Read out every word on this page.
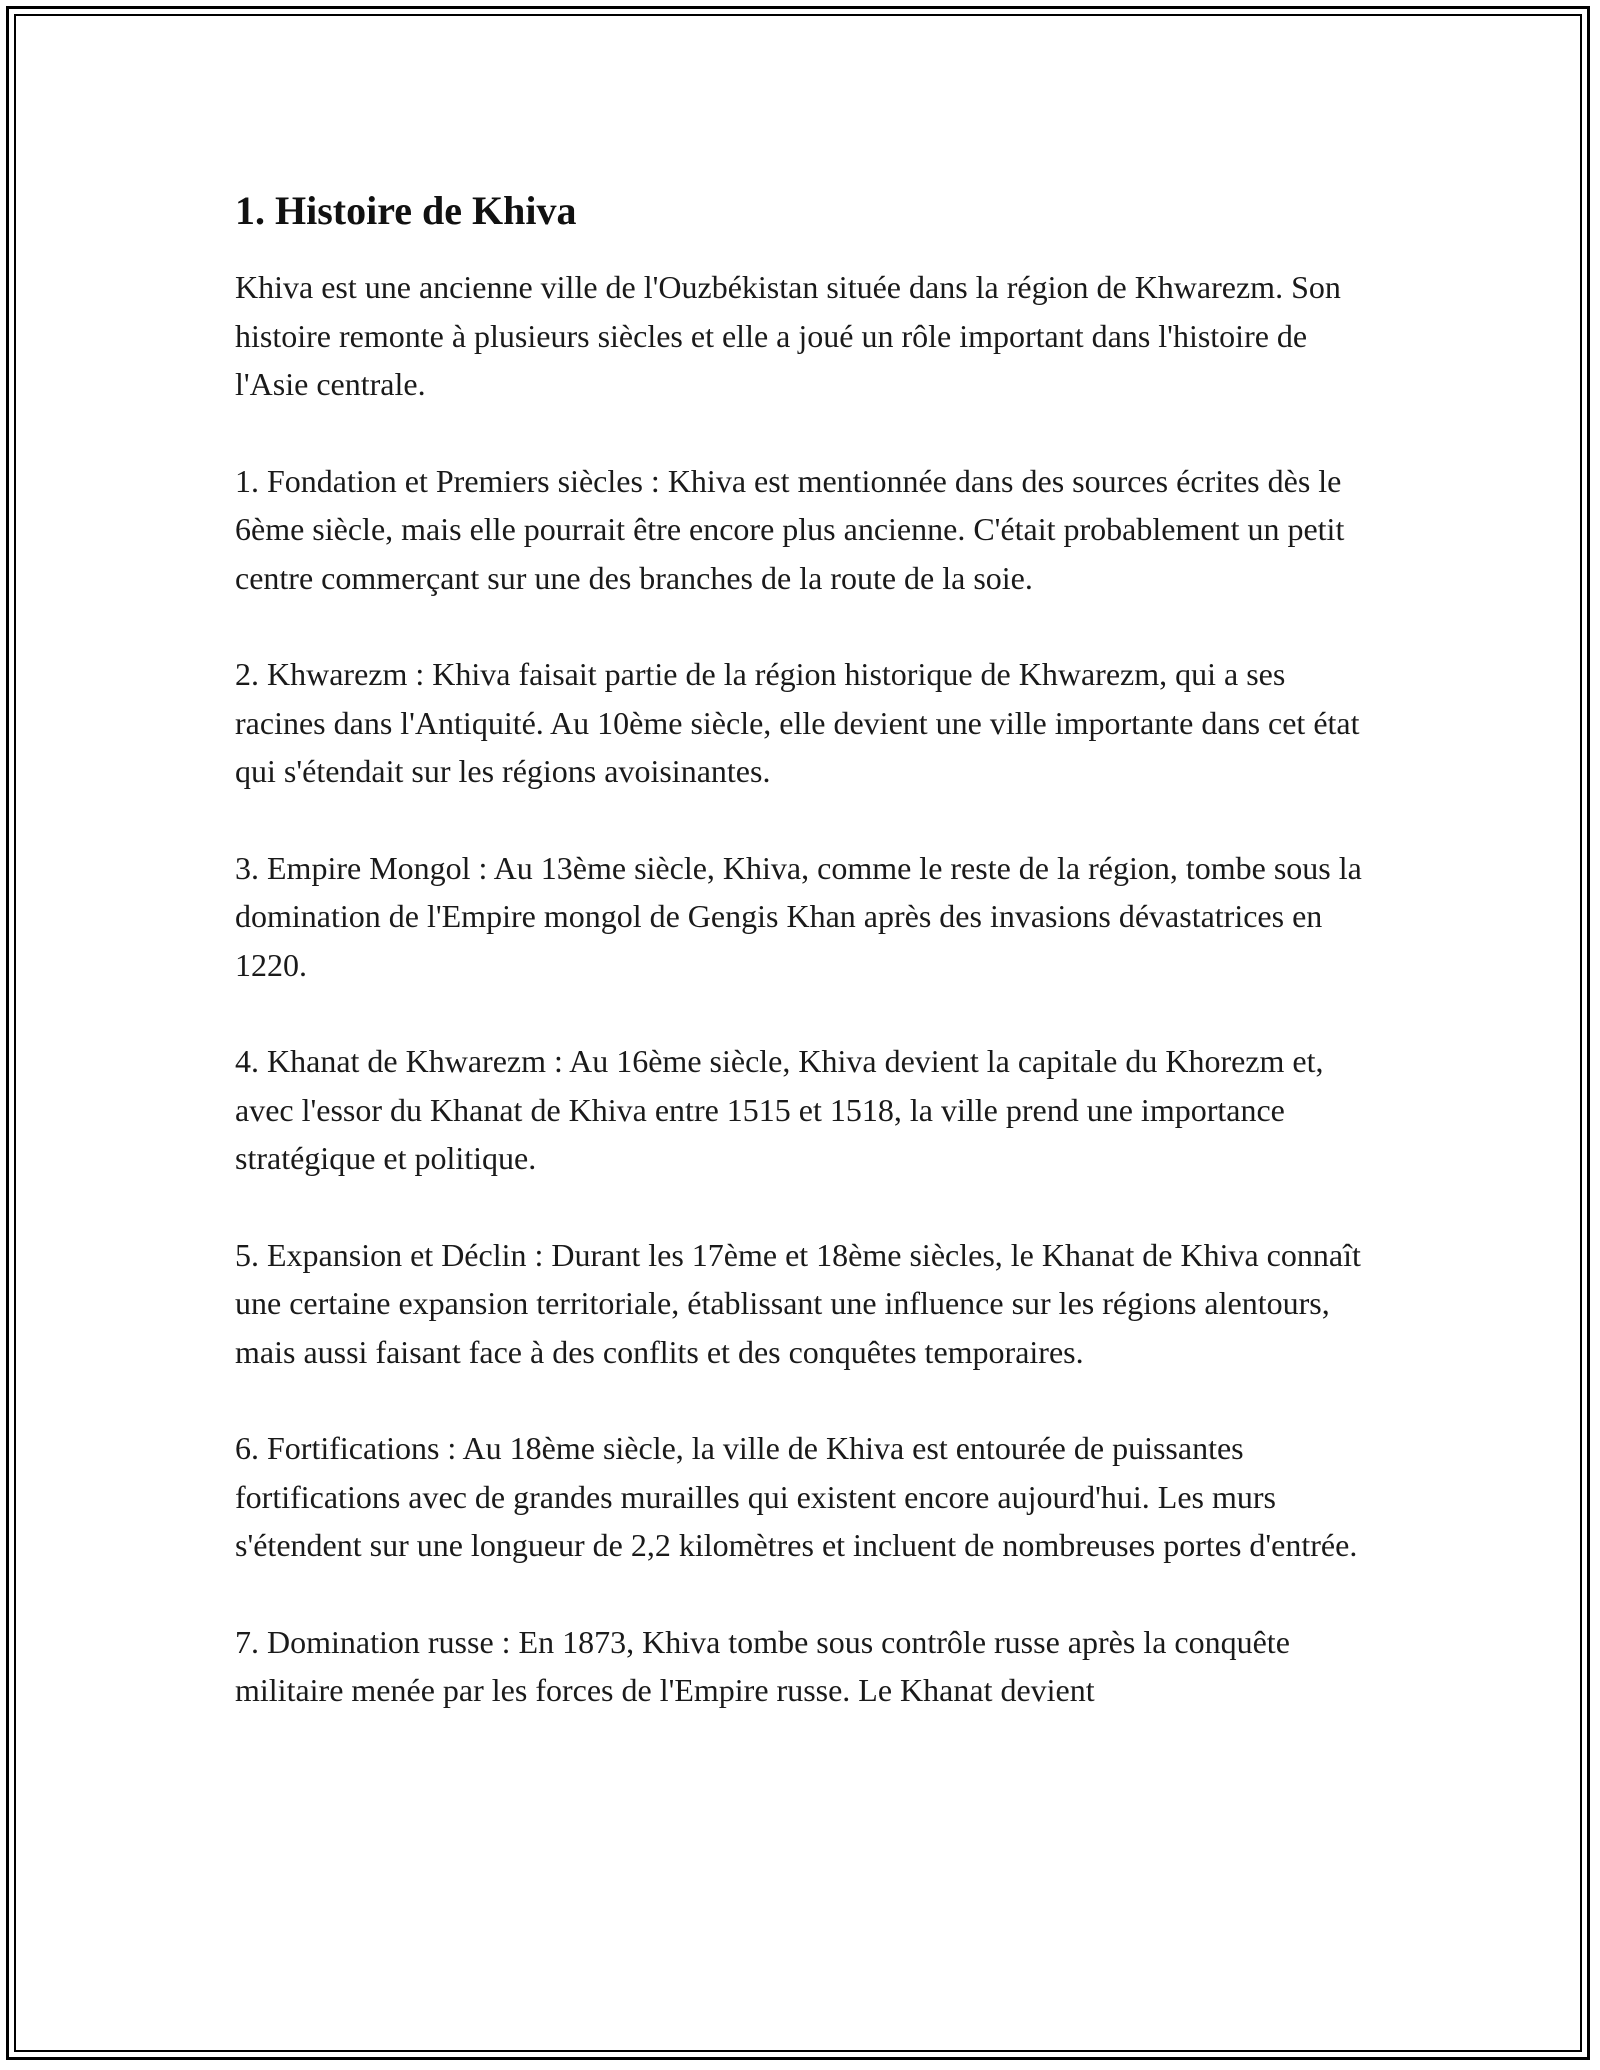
1. Histoire de Khiva

Khiva est une ancienne ville de l'Ouzbékistan située dans la région de Khwarezm. Son histoire remonte à plusieurs siècles et elle a joué un rôle important dans l'histoire de l'Asie centrale.

1. Fondation et Premiers siècles : Khiva est mentionnée dans des sources écrites dès le 6ème siècle, mais elle pourrait être encore plus ancienne. C'était probablement un petit centre commerçant sur une des branches de la route de la soie.

2. Khwarezm : Khiva faisait partie de la région historique de Khwarezm, qui a ses racines dans l'Antiquité. Au 10ème siècle, elle devient une ville importante dans cet état qui s'étendait sur les régions avoisinantes.

3. Empire Mongol : Au 13ème siècle, Khiva, comme le reste de la région, tombe sous la domination de l'Empire mongol de Gengis Khan après des invasions dévastatrices en 1220.

4. Khanat de Khwarezm : Au 16ème siècle, Khiva devient la capitale du Khorezm et, avec l'essor du Khanat de Khiva entre 1515 et 1518, la ville prend une importance stratégique et politique.

5. Expansion et Déclin : Durant les 17ème et 18ème siècles, le Khanat de Khiva connaît une certaine expansion territoriale, établissant une influence sur les régions alentours, mais aussi faisant face à des conflits et des conquêtes temporaires.

6. Fortifications : Au 18ème siècle, la ville de Khiva est entourée de puissantes fortifications avec de grandes murailles qui existent encore aujourd'hui. Les murs s'étendent sur une longueur de 2,2 kilomètres et incluent de nombreuses portes d'entrée.

7. Domination russe : En 1873, Khiva tombe sous contrôle russe après la conquête militaire menée par les forces de l'Empire russe. Le Khanat devient
